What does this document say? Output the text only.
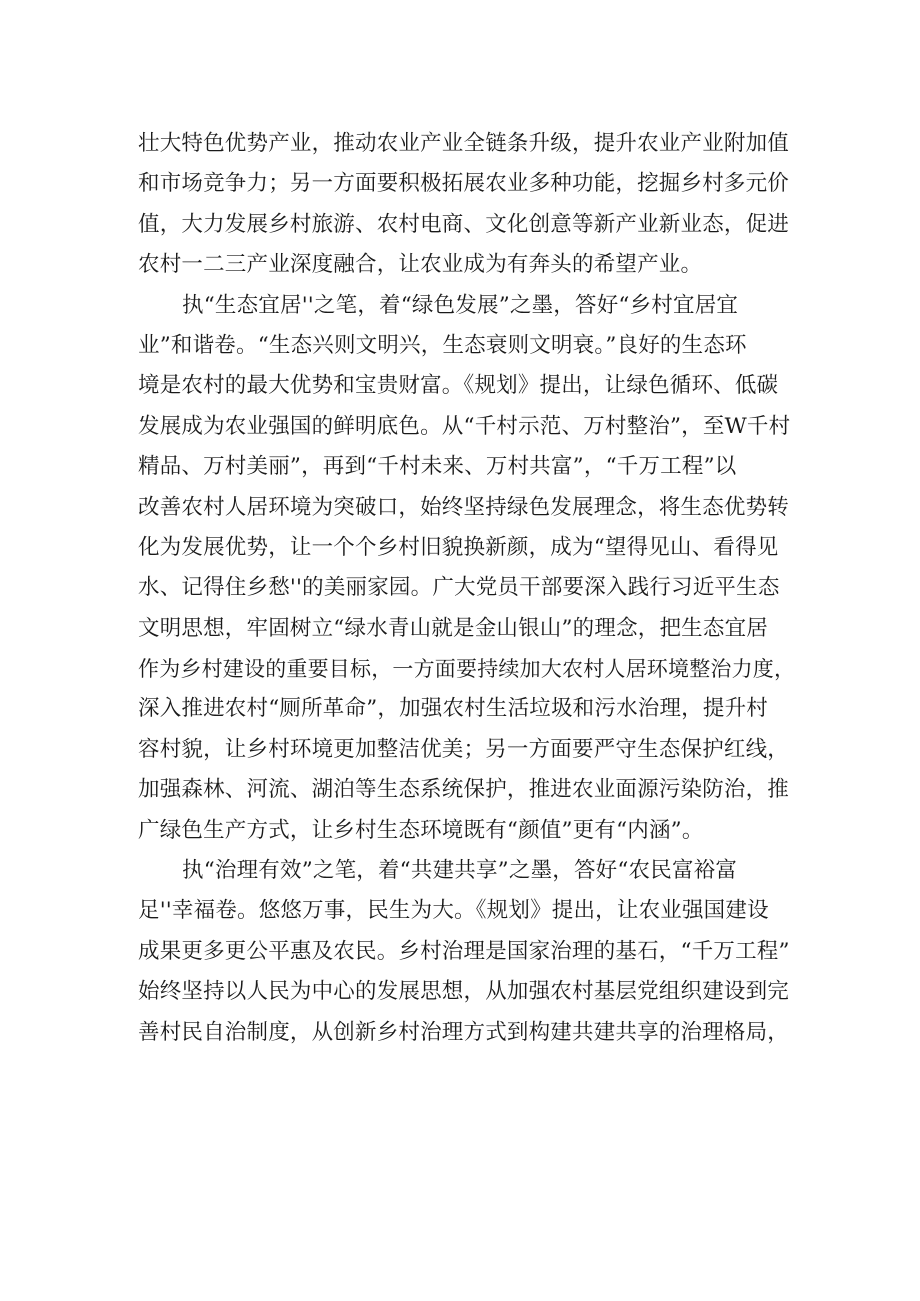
壮大特色优势产业，推动农业产业全链条升级，提升农业产业附加值
和市场竞争力；另一方面要积极拓展农业多种功能，挖掘乡村多元价
值，大力发展乡村旅游、农村电商、文化创意等新产业新业态，促进
农村一二三产业深度融合，让农业成为有奔头的希望产业。
执“生态宜居''之笔，着“绿色发展”之墨，答好“乡村宜居宜
业”和谐卷。“生态兴则文明兴，生态衰则文明衰。”良好的生态环
境是农村的最大优势和宝贵财富。《规划》提出，让绿色循环、低碳
发展成为农业强国的鲜明底色。从“千村示范、万村整治”，至W千村
精品、万村美丽”，再到“千村未来、万村共富”，“千万工程”以
改善农村人居环境为突破口，始终坚持绿色发展理念，将生态优势转
化为发展优势，让一个个乡村旧貌换新颜，成为“望得见山、看得见
水、记得住乡愁''的美丽家园。广大党员干部要深入践行习近平生态
文明思想，牢固树立“绿水青山就是金山银山”的理念，把生态宜居
作为乡村建设的重要目标，一方面要持续加大农村人居环境整治力度，
深入推进农村“厕所革命”，加强农村生活垃圾和污水治理，提升村
容村貌，让乡村环境更加整洁优美；另一方面要严守生态保护红线，
加强森林、河流、湖泊等生态系统保护，推进农业面源污染防治，推
广绿色生产方式，让乡村生态环境既有“颜值”更有“内涵”。
执“治理有效”之笔，着“共建共享”之墨，答好“农民富裕富
足''幸福卷。悠悠万事，民生为大。《规划》提出，让农业强国建设
成果更多更公平惠及农民。乡村治理是国家治理的基石，“千万工程”
始终坚持以人民为中心的发展思想，从加强农村基层党组织建设到完
善村民自治制度，从创新乡村治理方式到构建共建共享的治理格局，
